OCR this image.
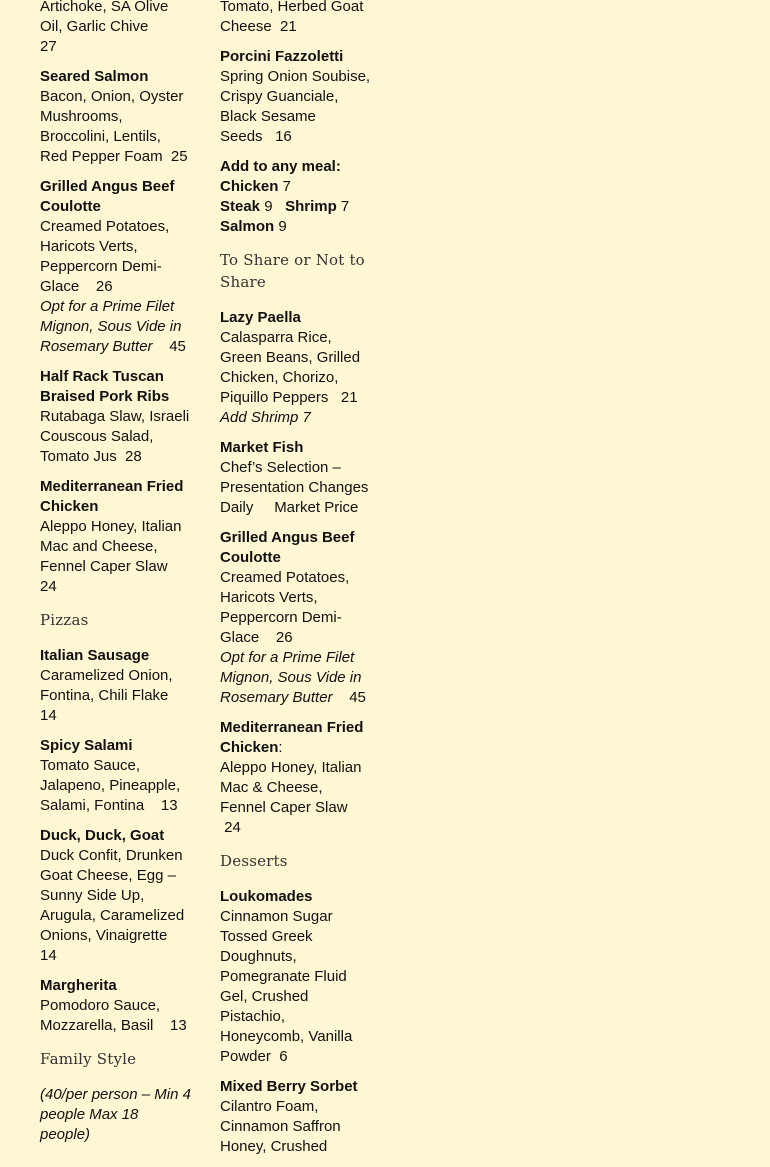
Artichoke, SA Olive Oil, Garlic Chive
27
Seared Salmon
Bacon, Onion, Oyster Mushrooms, Broccolini, Lentils, Red Pepper Foam 25
Grilled Angus Beef Coulotte
Creamed Potatoes, Haricots Verts, Peppercorn Demi-Glace 26
Opt for a Prime Filet Mignon, Sous Vide in Rosemary Butter 45
Half Rack Tuscan Braised Pork Ribs
Rutabaga Slaw, Israeli Couscous Salad, Tomato Jus 28
Mediterranean Fried Chicken
Aleppo Honey, Italian Mac and Cheese, Fennel Caper Slaw
24
Pizzas
Italian Sausage
Caramelized Onion, Fontina, Chili Flake
14
Spicy Salami
Tomato Sauce, Jalapeno, Pineapple, Salami, Fontina 13
Duck, Duck, Goat
Duck Confit, Drunken Goat Cheese, Egg – Sunny Side Up, Arugula, Caramelized Onions, Vinaigrette
14
Margherita
Pomodoro Sauce, Mozzarella, Basil 13
Family Style
(40/per person – Min 4 people Max 18 people)
Tomato, Herbed Goat Cheese 21
Porcini Fazzoletti
Spring Onion Soubise, Crispy Guanciale, Black Sesame Seeds 16
Add to any meal:
Chicken 7
Steak 9 Shrimp 7
Salmon 9
To Share or Not to Share
Lazy Paella
Calasparra Rice, Green Beans, Grilled Chicken, Chorizo, Piquillo Peppers 21
Add Shrimp 7
Market Fish
Chef’s Selection – Presentation Changes Daily Market Price
Grilled Angus Beef Coulotte
Creamed Potatoes, Haricots Verts, Peppercorn Demi-Glace 26
Opt for a Prime Filet Mignon, Sous Vide in Rosemary Butter 45
Mediterranean Fried Chicken:
Aleppo Honey, Italian Mac & Cheese, Fennel Caper Slaw
24
Desserts
Loukomades
Cinnamon Sugar Tossed Greek Doughnuts, Pomegranate Fluid Gel, Crushed Pistachio, Honeycomb, Vanilla Powder 6
Mixed Berry Sorbet
Cilantro Foam, Cinnamon Saffron Honey, Crushed
